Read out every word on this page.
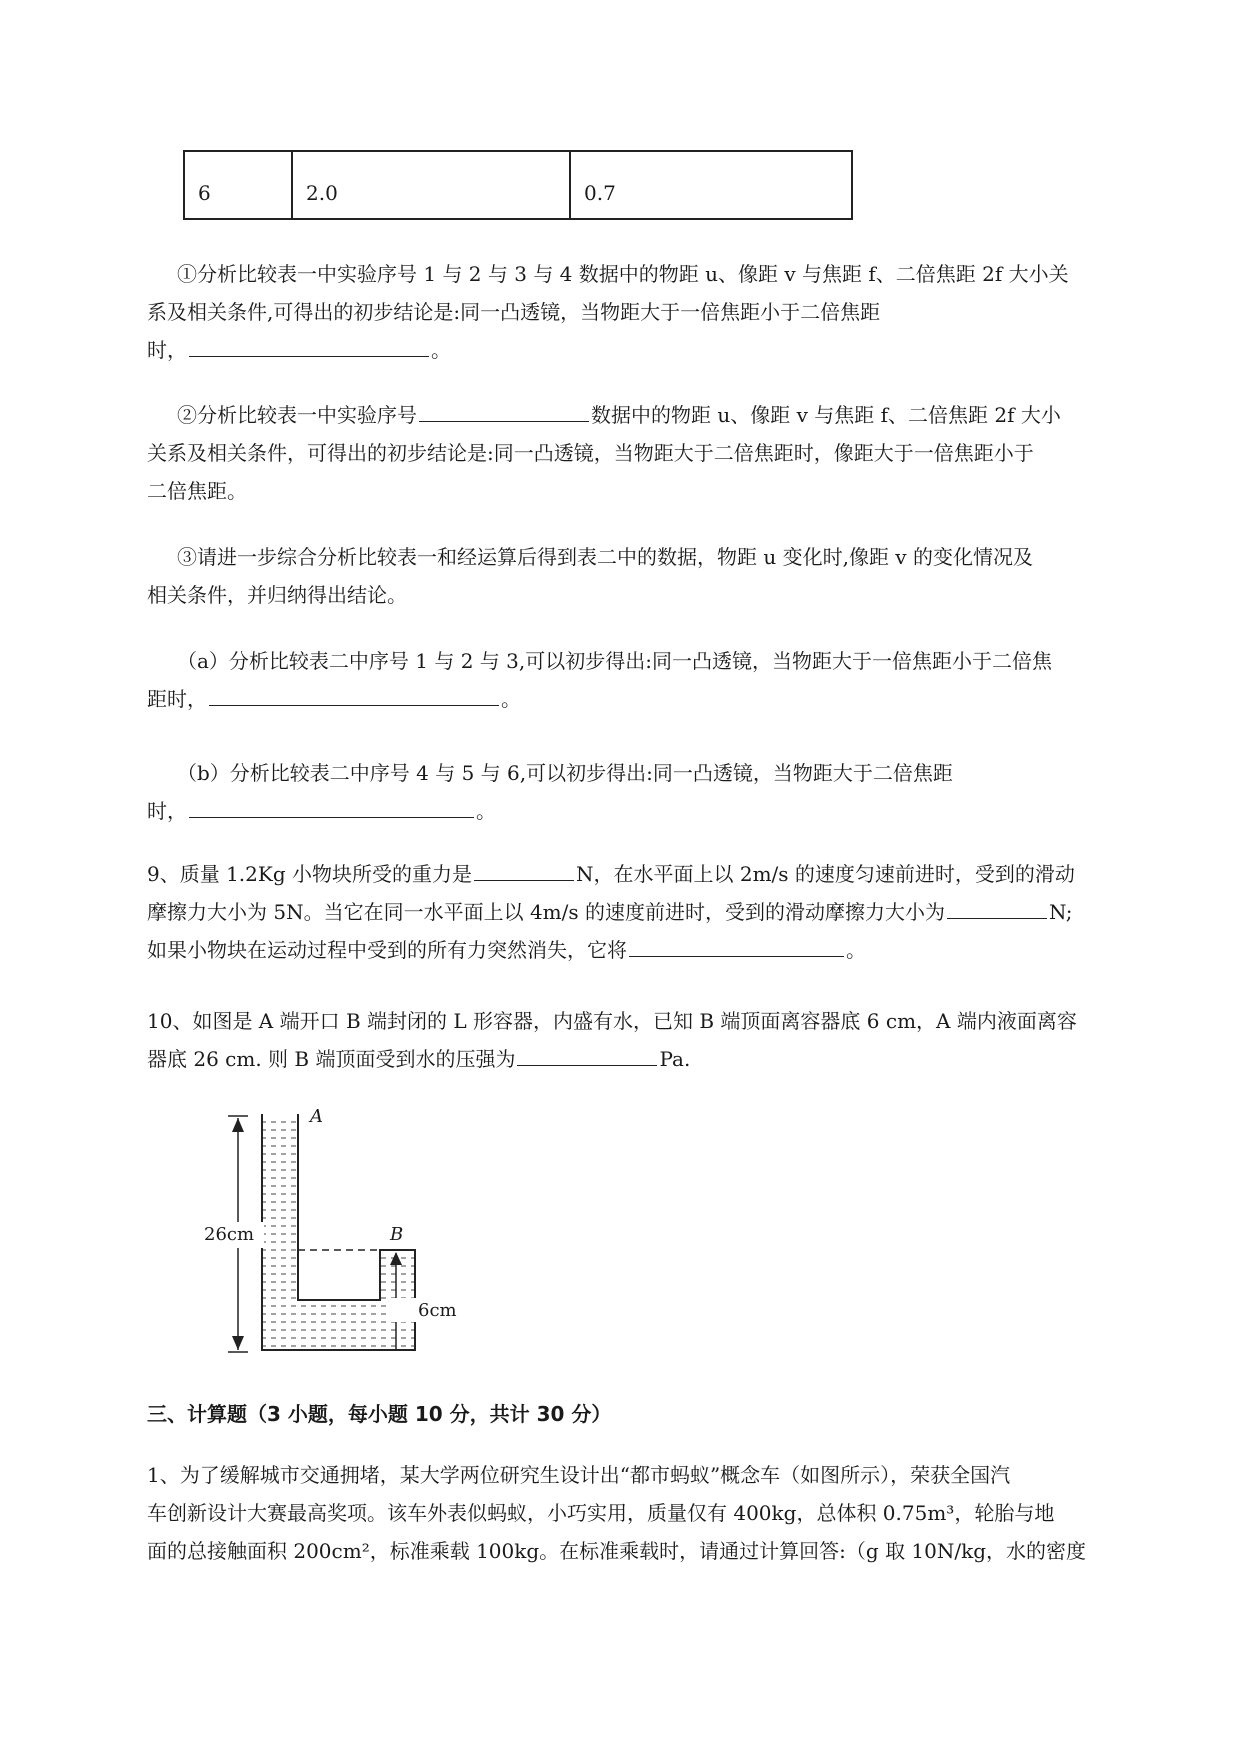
6	2.0	0.7
①分析比较表一中实验序号 1 与 2 与 3 与 4 数据中的物距 u、像距 v 与焦距 f、二倍焦距 2f 大小关
系及相关条件,可得出的初步结论是:同一凸透镜，当物距大于一倍焦距小于二倍焦距
时，	。
②分析比较表一中实验序号	数据中的物距 u、像距 v 与焦距 f、二倍焦距 2f 大小
关系及相关条件，可得出的初步结论是:同一凸透镜，当物距大于二倍焦距时，像距大于一倍焦距小于
二倍焦距。
③请进一步综合分析比较表一和经运算后得到表二中的数据，物距 u 变化时,像距 v 的变化情况及
相关条件，并归纳得出结论。
（a）分析比较表二中序号 1 与 2 与 3,可以初步得出:同一凸透镜，当物距大于一倍焦距小于二倍焦
距时，	。
（b）分析比较表二中序号 4 与 5 与 6,可以初步得出:同一凸透镜，当物距大于二倍焦距
时，	。
9、质量 1.2Kg 小物块所受的重力是	N，在水平面上以 2m/s 的速度匀速前进时，受到的滑动
摩擦力大小为 5N。当它在同一水平面上以 4m/s 的速度前进时，受到的滑动摩擦力大小为	N;
如果小物块在运动过程中受到的所有力突然消失，它将	。
10、如图是 A 端开口 B 端封闭的 L 形容器，内盛有水，已知 B 端顶面离容器底 6 cm，A 端内液面离容
器底 26 cm. 则 B 端顶面受到水的压强为	Pa.
A
B
26cm
6cm
三、计算题（3 小题，每小题 10 分，共计 30 分）
1、为了缓解城市交通拥堵，某大学两位研究生设计出“都市蚂蚁”概念车（如图所示），荣获全国汽
车创新设计大赛最高奖项。该车外表似蚂蚁，小巧实用，质量仅有 400kg，总体积 0.75m³，轮胎与地
面的总接触面积 200cm²，标准乘载 100kg。在标准乘载时，请通过计算回答:（g 取 10N/kg，水的密度
